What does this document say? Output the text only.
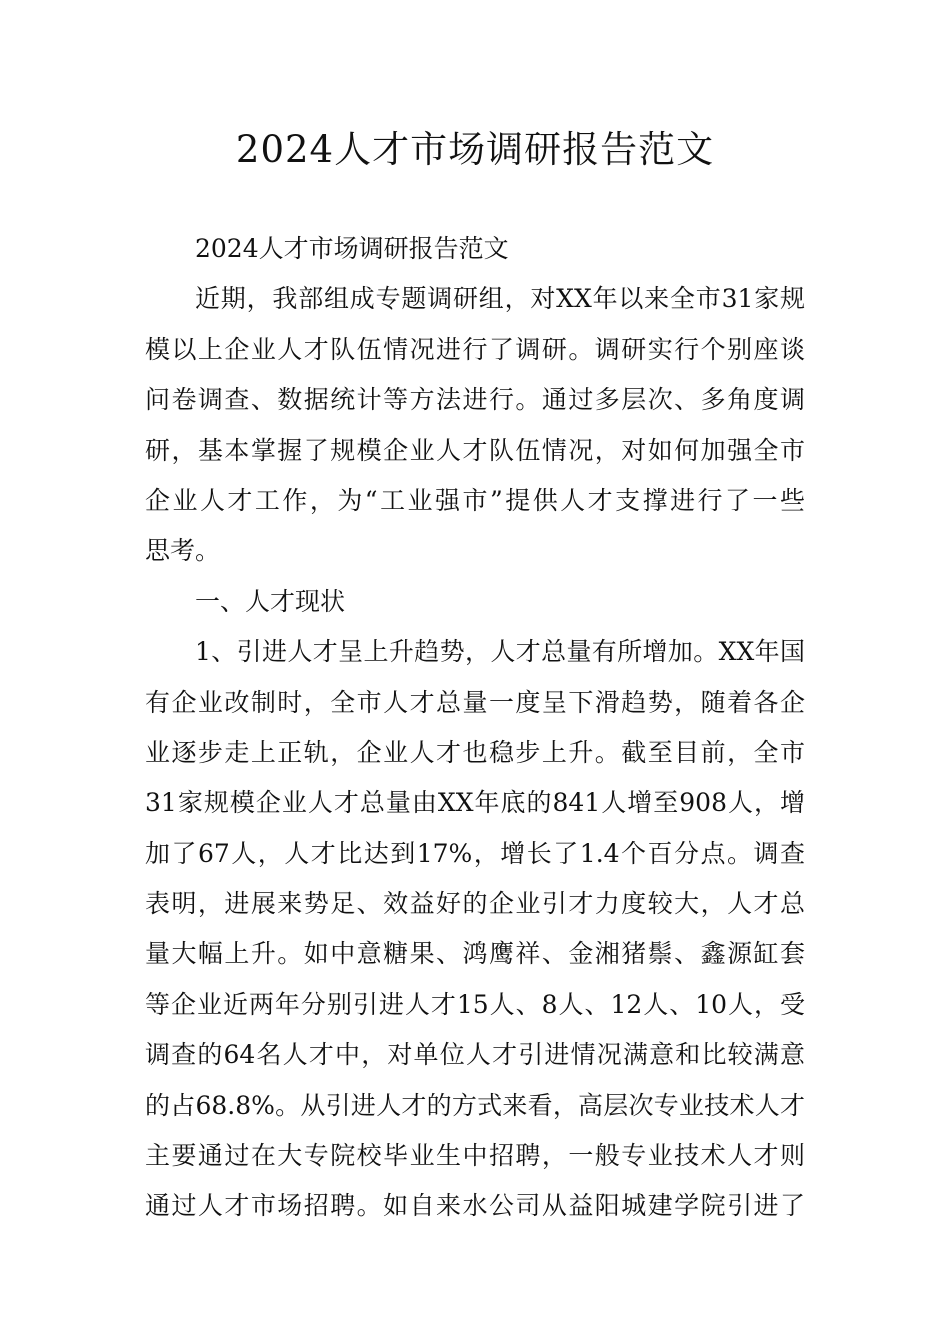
2024人才市场调研报告范文
2024人才市场调研报告范文
近期，我部组成专题调研组，对XX年以来全市31家规
模以上企业人才队伍情况进行了调研。调研实行个别座谈
问卷调查、数据统计等方法进行。通过多层次、多角度调
研，基本掌握了规模企业人才队伍情况，对如何加强全市
企业人才工作，为“工业强市”提供人才支撑进行了一些
思考。
一、人才现状
1、引进人才呈上升趋势，人才总量有所增加。XX年国
有企业改制时，全市人才总量一度呈下滑趋势，随着各企
业逐步走上正轨，企业人才也稳步上升。截至目前，全市
31家规模企业人才总量由XX年底的841人增至908人，增
加了67人，人才比达到17%，增长了1.4个百分点。调查
表明，进展来势足、效益好的企业引才力度较大，人才总
量大幅上升。如中意糖果、鸿鹰祥、金湘猪鬃、鑫源缸套
等企业近两年分别引进人才15人、8人、12人、10人，受
调查的64名人才中，对单位人才引进情况满意和比较满意
的占68.8%。从引进人才的方式来看，高层次专业技术人才
主要通过在大专院校毕业生中招聘，一般专业技术人才则
通过人才市场招聘。如自来水公司从益阳城建学院引进了
